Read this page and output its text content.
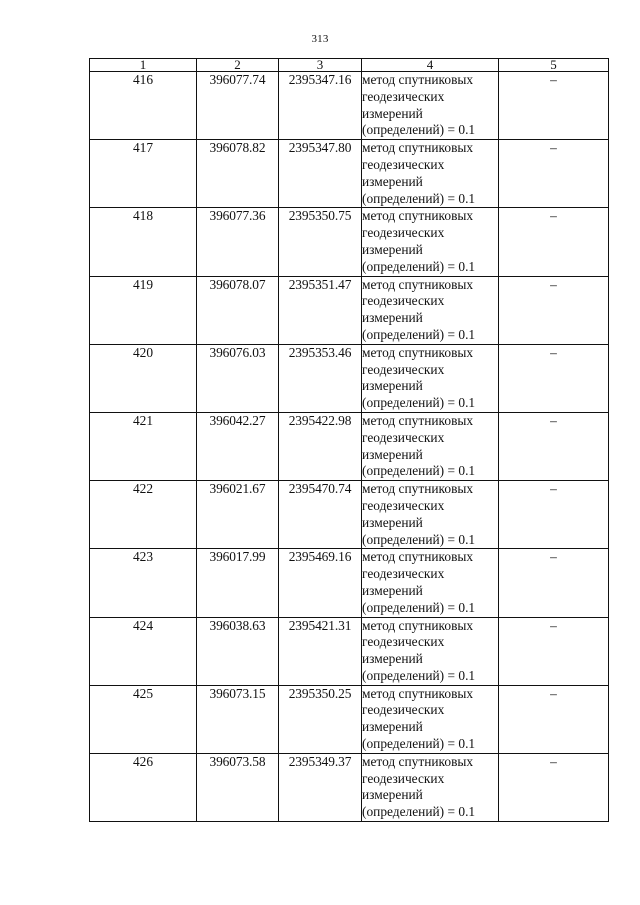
313
1	2	3	4	5
416	396077.74	2395347.16	метод спутниковых
геодезических
измерений
(определений) = 0.1	–
417	396078.82	2395347.80	метод спутниковых
геодезических
измерений
(определений) = 0.1	–
418	396077.36	2395350.75	метод спутниковых
геодезических
измерений
(определений) = 0.1	–
419	396078.07	2395351.47	метод спутниковых
геодезических
измерений
(определений) = 0.1	–
420	396076.03	2395353.46	метод спутниковых
геодезических
измерений
(определений) = 0.1	–
421	396042.27	2395422.98	метод спутниковых
геодезических
измерений
(определений) = 0.1	–
422	396021.67	2395470.74	метод спутниковых
геодезических
измерений
(определений) = 0.1	–
423	396017.99	2395469.16	метод спутниковых
геодезических
измерений
(определений) = 0.1	–
424	396038.63	2395421.31	метод спутниковых
геодезических
измерений
(определений) = 0.1	–
425	396073.15	2395350.25	метод спутниковых
геодезических
измерений
(определений) = 0.1	–
426	396073.58	2395349.37	метод спутниковых
геодезических
измерений
(определений) = 0.1	–
